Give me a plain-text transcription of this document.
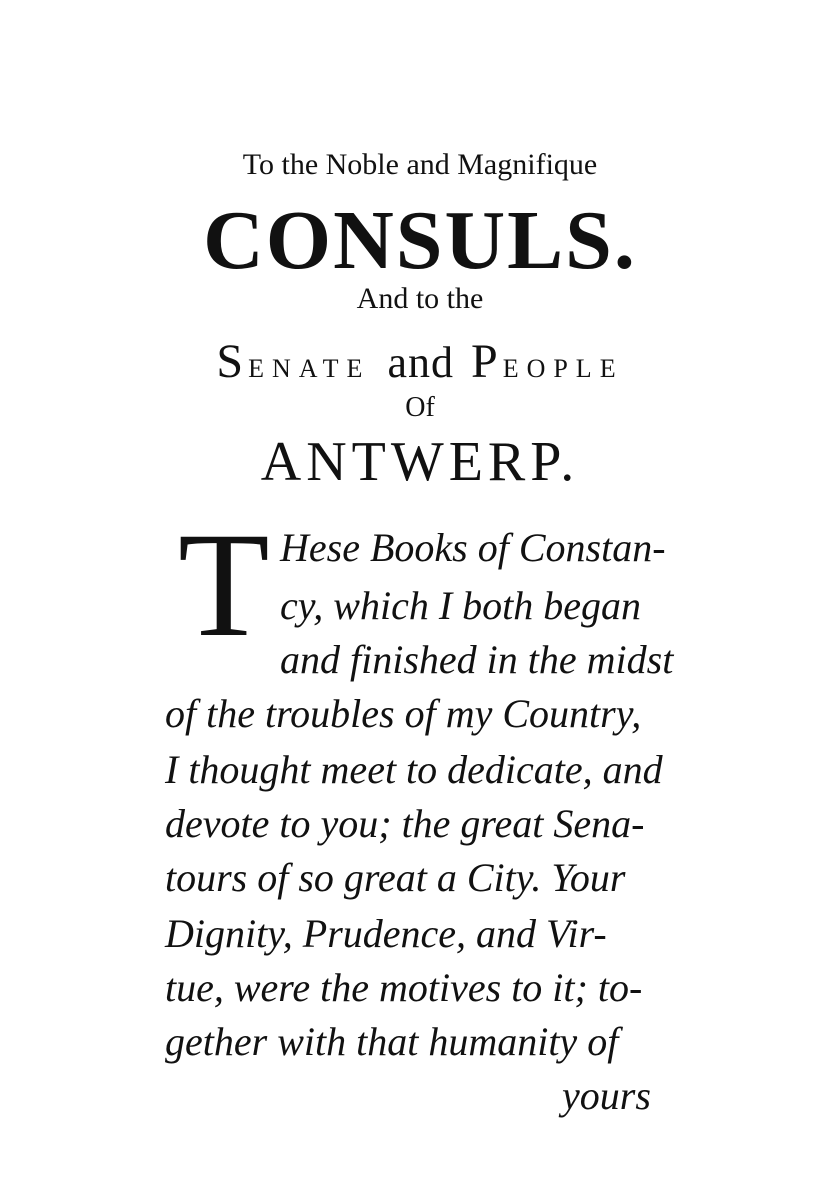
To the Noble and Magnifique
CONSULS.
And to the
SENATE and PEOPLE
Of
ANTWERP.
T Hese Books of Constan-
cy, which I both began
and finished in the midst
of the troubles of my Country,
I thought meet to dedicate, and
devote to you; the great Sena-
tours of so great a City. Your
Dignity, Prudence, and Vir-
tue, were the motives to it; to-
gether with that humanity of
yours
